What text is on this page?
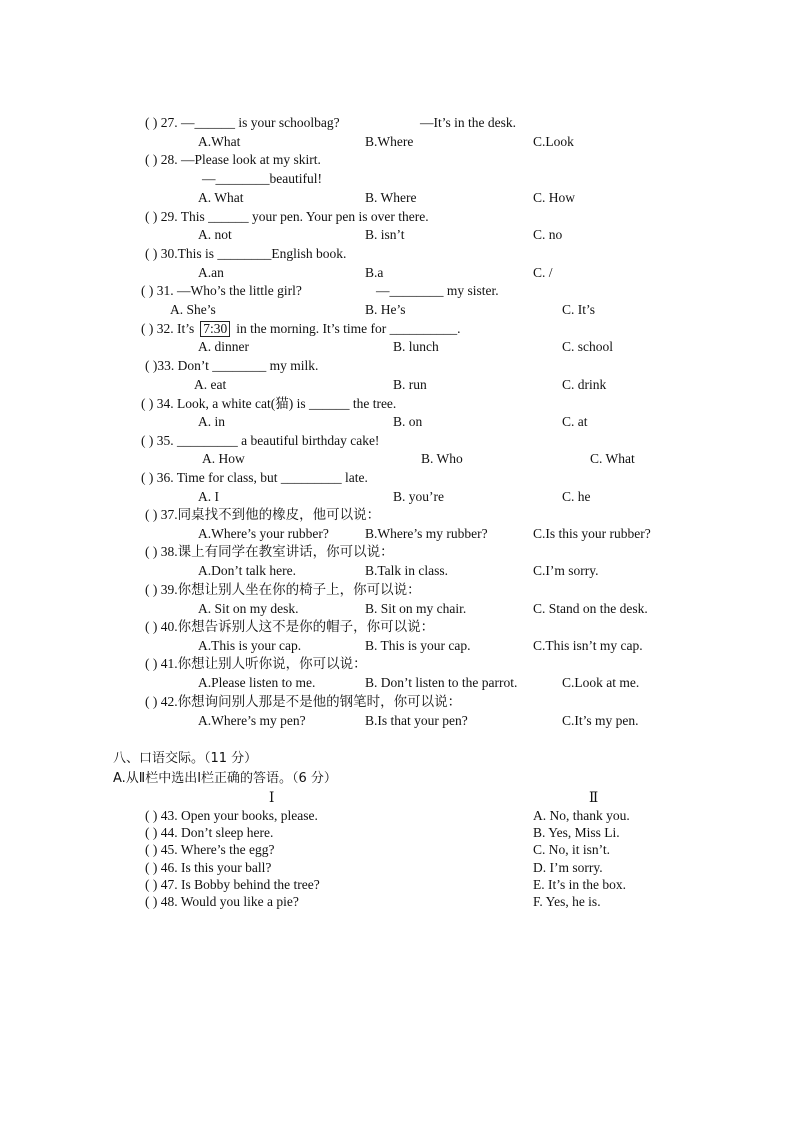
( ) 27. —______ is your schoolbag?	—It’s in the desk.
A.What	B.Where	C.Look
( ) 28. —Please look at my skirt.
—________beautiful!
A. What	B. Where	C. How
( ) 29. This ______ your pen. Your pen is over there.
A. not	B. isn’t	C. no
( ) 30.This is ________English book.
A.an	B.a	C. /
( ) 31. —Who’s the little girl?	—________ my sister.
A. She’s	B. He’s	C. It’s
( ) 32. It’s 7:30 in the morning. It’s time for __________.
A. dinner	B. lunch	C. school
( )33. Don’t ________ my milk.
A. eat	B. run	C. drink
( ) 34. Look, a white cat(猫) is ______ the tree.
A. in	B. on	C. at
( ) 35. _________ a beautiful birthday cake!
A. How	B. Who	C. What
( ) 36. Time for class, but _________ late.
A. I	B. you’re	C. he
( ) 37.同桌找不到他的橡皮，他可以说：
A.Where’s your rubber?	B.Where’s my rubber?	C.Is this your rubber?
( ) 38.课上有同学在教室讲话，你可以说：
A.Don’t talk here.	B.Talk in class.	C.I’m sorry.
( ) 39.你想让别人坐在你的椅子上，你可以说：
A. Sit on my desk.	B. Sit on my chair.	C. Stand on the desk.
( ) 40.你想告诉别人这不是你的帽子，你可以说：
A.This is your cap.	B. This is your cap.	C.This isn’t my cap.
( ) 41.你想让别人听你说，你可以说：
A.Please listen to me.	B. Don’t listen to the parrot.	C.Look at me.
( ) 42.你想询问别人那是不是他的钢笔时，你可以说：
A.Where’s my pen?	B.Is that your pen?	C.It’s my pen.
八、口语交际。（11 分）
A.从Ⅱ栏中选出Ⅰ栏正确的答语。（6 分）
Ⅰ	Ⅱ
( ) 43. Open your books, please.	A. No, thank you.
( ) 44. Don’t sleep here.	B. Yes, Miss Li.
( ) 45. Where’s the egg?	C. No, it isn’t.
( ) 46. Is this your ball?	D. I’m sorry.
( ) 47. Is Bobby behind the tree?	E. It’s in the box.
( ) 48. Would you like a pie?	F. Yes, he is.
